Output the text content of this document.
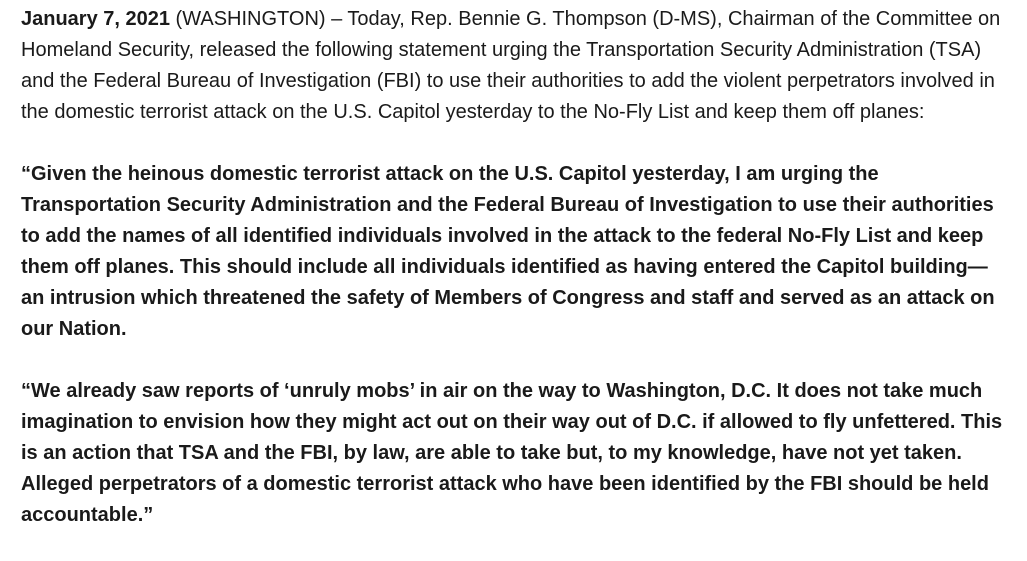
January 7, 2021 (WASHINGTON) – Today, Rep. Bennie G. Thompson (D-MS), Chairman of the Committee on Homeland Security, released the following statement urging the Transportation Security Administration (TSA) and the Federal Bureau of Investigation (FBI) to use their authorities to add the violent perpetrators involved in the domestic terrorist attack on the U.S. Capitol yesterday to the No-Fly List and keep them off planes:

“Given the heinous domestic terrorist attack on the U.S. Capitol yesterday, I am urging the Transportation Security Administration and the Federal Bureau of Investigation to use their authorities to add the names of all identified individuals involved in the attack to the federal No-Fly List and keep them off planes. This should include all individuals identified as having entered the Capitol building—an intrusion which threatened the safety of Members of Congress and staff and served as an attack on our Nation.

“We already saw reports of ‘unruly mobs’ in air on the way to Washington, D.C. It does not take much imagination to envision how they might act out on their way out of D.C. if allowed to fly unfettered. This is an action that TSA and the FBI, by law, are able to take but, to my knowledge, have not yet taken. Alleged perpetrators of a domestic terrorist attack who have been identified by the FBI should be held accountable.”
